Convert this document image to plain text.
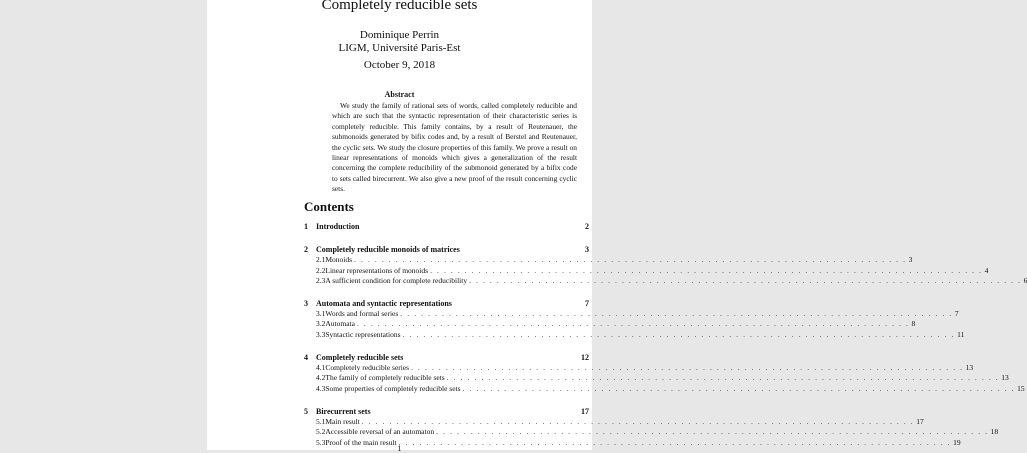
Completely reducible sets
Dominique Perrin
LIGM, Université Paris-Est
October 9, 2018
Abstract
We study the family of rational sets of words, called completely reducible and which are such that the syntactic representation of their characteristic series is completely reducible. This family contains, by a result of Reutenauer, the submonoids generated by bifix codes and, by a result of Berstel and Reutenauer, the cyclic sets. We study the closure properties of this family. We prove a result on linear representations of monoids which gives a generalization of the result concerning the complete reducibility of the submonoid generated by a bifix code to sets called birecurrent. We also give a new proof of the result concerning cyclic sets.
Contents
1	Introduction	2
2	Completely reducible monoids of matrices	3
2.1 Monoids . . . . . . . . . . . . . . . . . . . . . . . . . . . . . . . . . . . . . . . . . . . . . . . . . . . . . . . . . . . . . . . . . . . . . . . . . . . . . . . . 3
2.2 Linear representations of monoids . . . . . . . . . . . . . . . . . . . . . . . . . . . . . . . . . . . . . . . . . . . . . . . . . . . . . . . . . . . . . . . . . . . . . . . . . . . . . . . . 4
2.3 A sufficient condition for complete reducibility . . . . . . . . . . . . . . . . . . . . . . . . . . . . . . . . . . . . . . . . . . . . . . . . . . . . . . . . . . . . . . . . . . . . . . . . . . . . . . . . 6
3	Automata and syntactic representations	7
3.1 Words and formal series . . . . . . . . . . . . . . . . . . . . . . . . . . . . . . . . . . . . . . . . . . . . . . . . . . . . . . . . . . . . . . . . . . . . . . . . . . . . . . . . 7
3.2 Automata . . . . . . . . . . . . . . . . . . . . . . . . . . . . . . . . . . . . . . . . . . . . . . . . . . . . . . . . . . . . . . . . . . . . . . . . . . . . . . . . 8
3.3 Syntactic representations . . . . . . . . . . . . . . . . . . . . . . . . . . . . . . . . . . . . . . . . . . . . . . . . . . . . . . . . . . . . . . . . . . . . . . . . . . . . . . . . 11
4	Completely reducible sets	12
4.1 Completely reducible series . . . . . . . . . . . . . . . . . . . . . . . . . . . . . . . . . . . . . . . . . . . . . . . . . . . . . . . . . . . . . . . . . . . . . . . . . . . . . . . . 13
4.2 The family of completely reducible sets . . . . . . . . . . . . . . . . . . . . . . . . . . . . . . . . . . . . . . . . . . . . . . . . . . . . . . . . . . . . . . . . . . . . . . . . . . . . . . . . 13
4.3 Some properties of completely reducible sets . . . . . . . . . . . . . . . . . . . . . . . . . . . . . . . . . . . . . . . . . . . . . . . . . . . . . . . . . . . . . . . . . . . . . . . . . . . . . . . . 15
5	Birecurrent sets	17
5.1 Main result . . . . . . . . . . . . . . . . . . . . . . . . . . . . . . . . . . . . . . . . . . . . . . . . . . . . . . . . . . . . . . . . . . . . . . . . . . . . . . . . 17
5.2 Accessible reversal of an automaton . . . . . . . . . . . . . . . . . . . . . . . . . . . . . . . . . . . . . . . . . . . . . . . . . . . . . . . . . . . . . . . . . . . . . . . . . . . . . . . . 18
5.3 Proof of the main result . . . . . . . . . . . . . . . . . . . . . . . . . . . . . . . . . . . . . . . . . . . . . . . . . . . . . . . . . . . . . . . . . . . . . . . . . . . . . . . . 19
1
